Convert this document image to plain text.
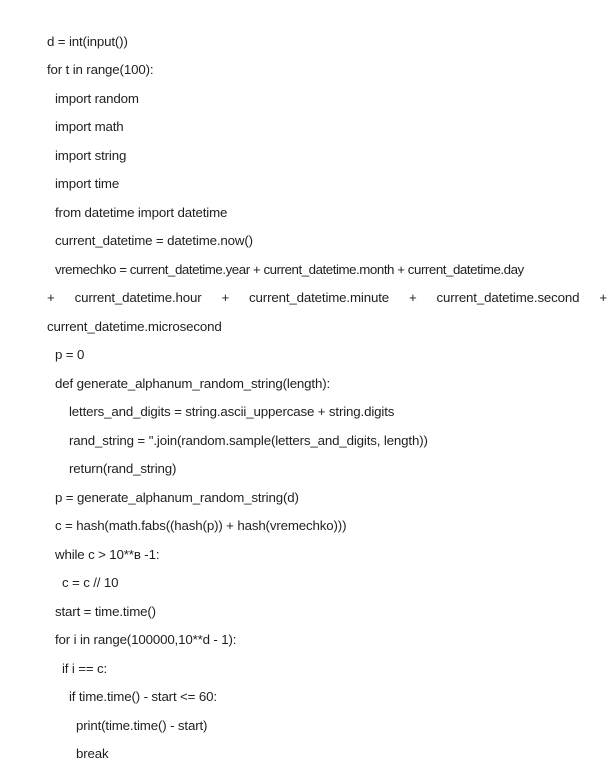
d = int(input())
for t in range(100):
import random
import math
import string
import time
from datetime import datetime
current_datetime = datetime.now()
vremechko = current_datetime.year + current_datetime.month + current_datetime.day
+ current_datetime.hour + current_datetime.minute + current_datetime.second +
current_datetime.microsecond
p = 0
def generate_alphanum_random_string(length):
letters_and_digits = string.ascii_uppercase + string.digits
rand_string = ''.join(random.sample(letters_and_digits, length))
return(rand_string)
p = generate_alphanum_random_string(d)
c = hash(math.fabs((hash(p)) + hash(vremechko)))
while c > 10**в -1:
c = c // 10
start = time.time()
for i in range(100000,10**d - 1):
if i == c:
if time.time() - start <= 60:
print(time.time() - start)
break
